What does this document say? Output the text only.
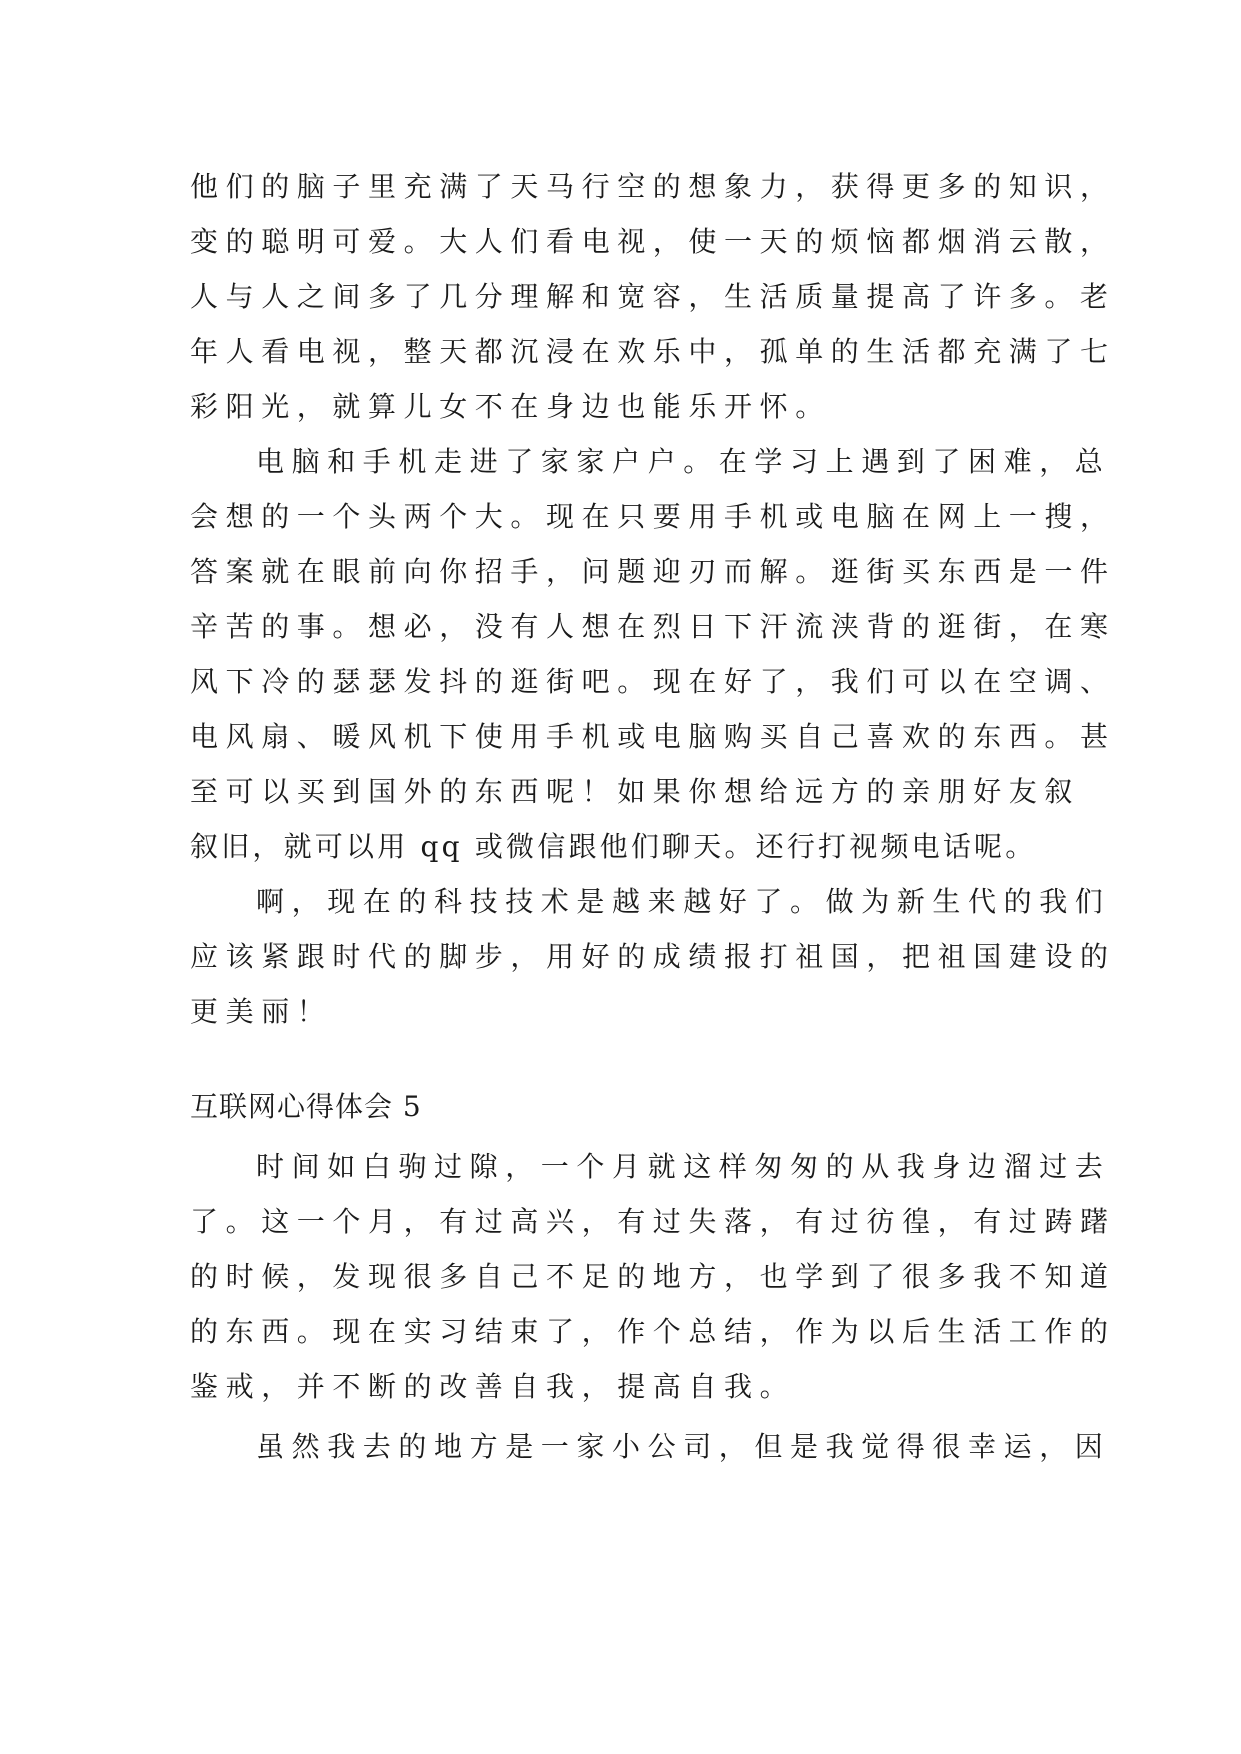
他们的脑子里充满了天马行空的想象力，获得更多的知识，
变的聪明可爱。大人们看电视，使一天的烦恼都烟消云散，
人与人之间多了几分理解和宽容，生活质量提高了许多。老
年人看电视，整天都沉浸在欢乐中，孤单的生活都充满了七
彩阳光，就算儿女不在身边也能乐开怀。
电脑和手机走进了家家户户。在学习上遇到了困难，总
会想的一个头两个大。现在只要用手机或电脑在网上一搜，
答案就在眼前向你招手，问题迎刃而解。逛街买东西是一件
辛苦的事。想必，没有人想在烈日下汗流浃背的逛街，在寒
风下冷的瑟瑟发抖的逛街吧。现在好了，我们可以在空调、
电风扇、暖风机下使用手机或电脑购买自己喜欢的东西。甚
至可以买到国外的东西呢！如果你想给远方的亲朋好友叙
叙旧，就可以用 qq 或微信跟他们聊天。还行打视频电话呢。
啊，现在的科技技术是越来越好了。做为新生代的我们
应该紧跟时代的脚步，用好的成绩报打祖国，把祖国建设的
更美丽！
互联网心得体会 5
时间如白驹过隙，一个月就这样匆匆的从我身边溜过去
了。这一个月，有过高兴，有过失落，有过彷徨，有过踌躇
的时候，发现很多自己不足的地方，也学到了很多我不知道
的东西。现在实习结束了，作个总结，作为以后生活工作的
鉴戒，并不断的改善自我，提高自我。
虽然我去的地方是一家小公司，但是我觉得很幸运，因
